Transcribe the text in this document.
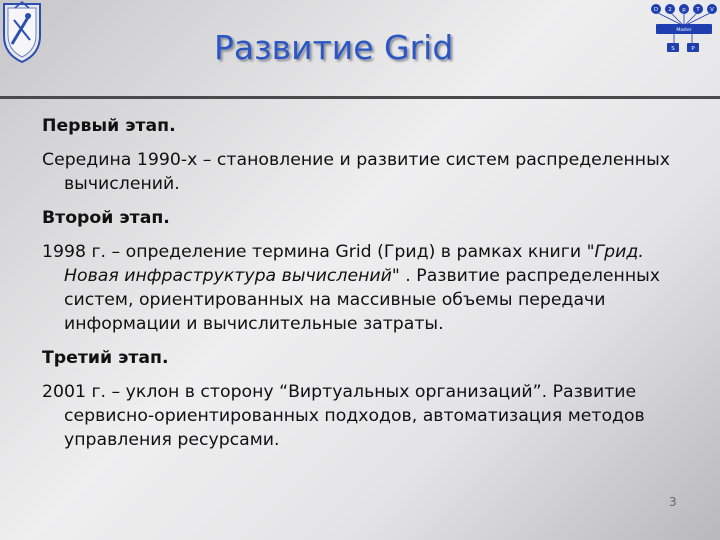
Развитие Grid
D 2 p T V
Master
S	P

Первый этап.

Середина 1990-х – становление и развитие систем распределенных вычислений.

Второй этап.

1998 г. – определение термина Grid (Грид) в рамках книги "Грид. Новая инфраструктура вычислений" . Развитие распределенных систем, ориентированных на массивные объемы передачи информации и вычислительные затраты.

Третий этап.

2001 г. – уклон в сторону “Виртуальных организаций”. Развитие сервисно-ориентированных подходов, автоматизация методов управления ресурсами.

3
